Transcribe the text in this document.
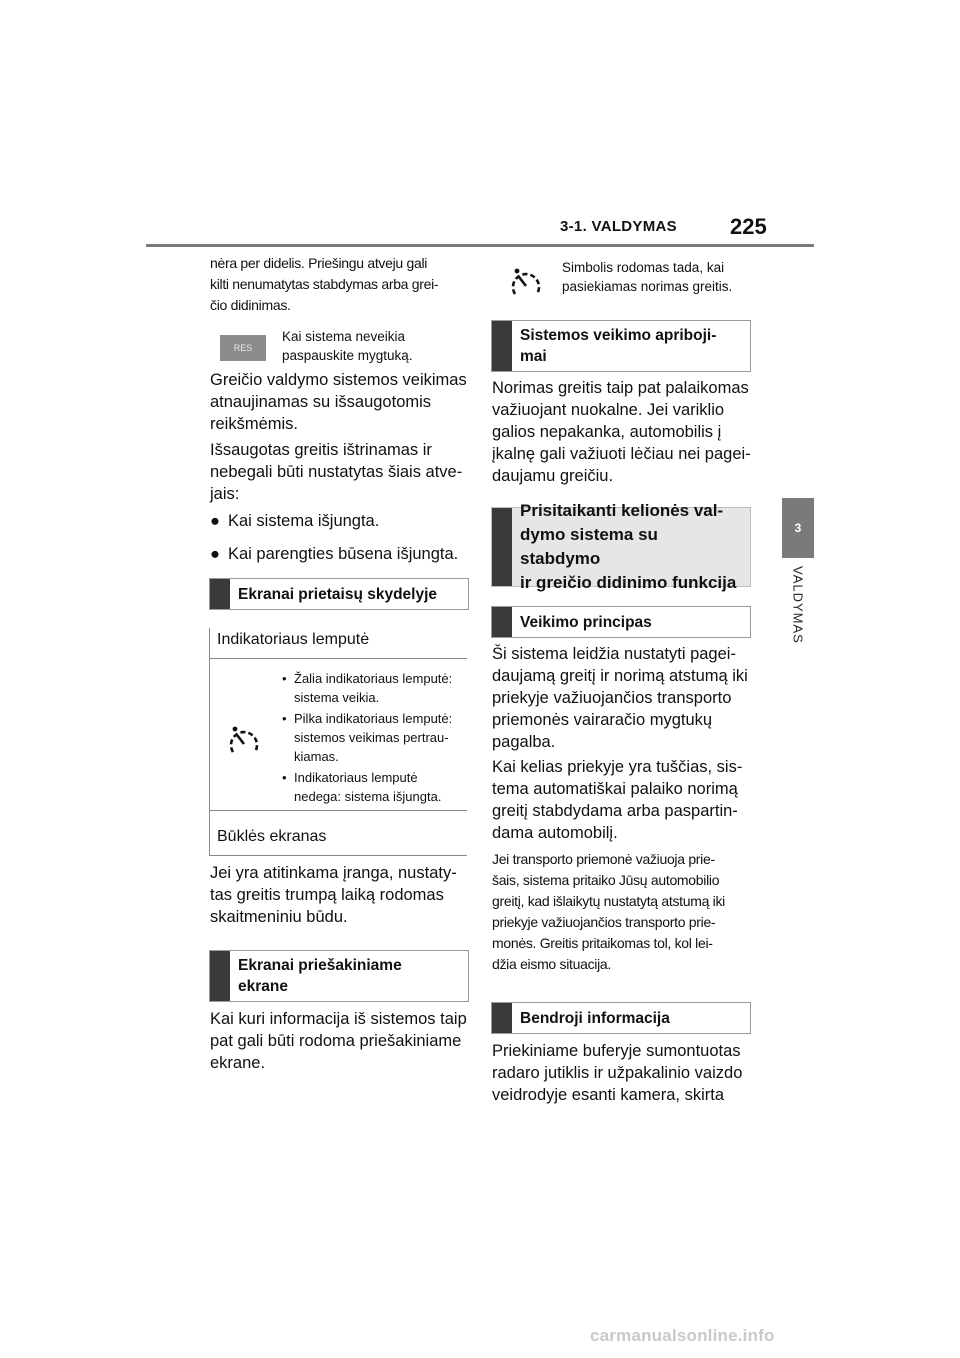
3-1. VALDYMAS 225
3
VALDYMAS
nėra per didelis. Priešingu atveju gali
kilti nenumatytas stabdymas arba grei-
čio didinimas.
RES
Kai sistema neveikia
paspauskite mygtuką.
Greičio valdymo sistemos veikimas
atnaujinamas su išsaugotomis
reikšmėmis.
Išsaugotas greitis ištrinamas ir
nebegali būti nustatytas šiais atve-
jais:
● Kai sistema išjungta.
● Kai parengties būsena išjungta.
Ekranai prietaisų skydelyje
Indikatoriaus lemputė
• Žalia indikatoriaus lemputė:
sistema veikia.
• Pilka indikatoriaus lemputė:
sistemos veikimas pertrau-
kiamas.
• Indikatoriaus lemputė
nedega: sistema išjungta.
Būklės ekranas
Jei yra atitinkama įranga, nustaty-
tas greitis trumpą laiką rodomas
skaitmeniniu būdu.
Ekranai priešakiniame
ekrane
Kai kuri informacija iš sistemos taip
pat gali būti rodoma priešakiniame
ekrane.
Simbolis rodomas tada, kai
pasiekiamas norimas greitis.
Sistemos veikimo apriboji-
mai
Norimas greitis taip pat palaikomas
važiuojant nuokalne. Jei variklio
galios nepakanka, automobilis į
įkalnę gali važiuoti lėčiau nei pagei-
daujamu greičiu.
Prisitaikanti kelionės val-
dymo sistema su stabdymo
ir greičio didinimo funkcija
Veikimo principas
Ši sistema leidžia nustatyti pagei-
daujamą greitį ir norimą atstumą iki
priekyje važiuojančios transporto
priemonės vairaračio mygtukų
pagalba.
Kai kelias priekyje yra tuščias, sis-
tema automatiškai palaiko norimą
greitį stabdydama arba paspartin-
dama automobilį.
Jei transporto priemonė važiuoja prie-
šais, sistema pritaiko Jūsų automobilio
greitį, kad išlaikytų nustatytą atstumą iki
priekyje važiuojančios transporto prie-
monės. Greitis pritaikomas tol, kol lei-
džia eismo situacija.
Bendroji informacija
Priekiniame buferyje sumontuotas
radaro jutiklis ir užpakalinio vaizdo
veidrodyje esanti kamera, skirta
carmanualsonline.info
